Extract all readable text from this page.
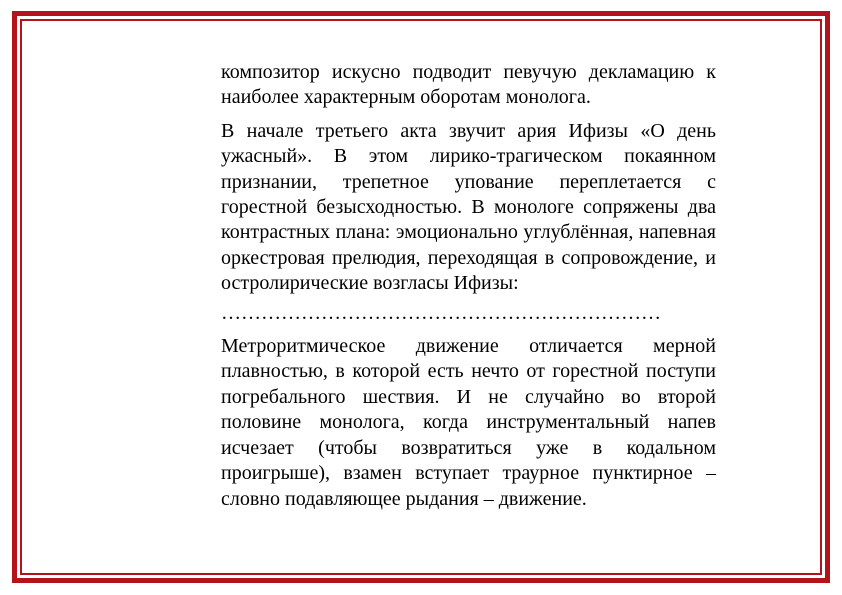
композитор искусно подводит певучую декламацию к наиболее характерным оборотам монолога.

В начале третьего акта звучит ария Ифизы «О день ужасный». В этом лирико-трагическом покаянном признании, трепетное упование переплетается с горестной безысходностью. В монологе сопряжены два контрастных плана: эмоционально углублённая, напевная оркестровая прелюдия, переходящая в сопровождение, и остролирические возгласы Ифизы:

…………………………………………………………

Метроритмическое движение отличается мерной плавностью, в которой есть нечто от горестной поступи погребального шествия. И не случайно во второй половине монолога, когда инструментальный напев исчезает (чтобы возвратиться уже в кодальном проигрыше), взамен вступает траурное пунктирное – словно подавляющее рыдания – движение.
